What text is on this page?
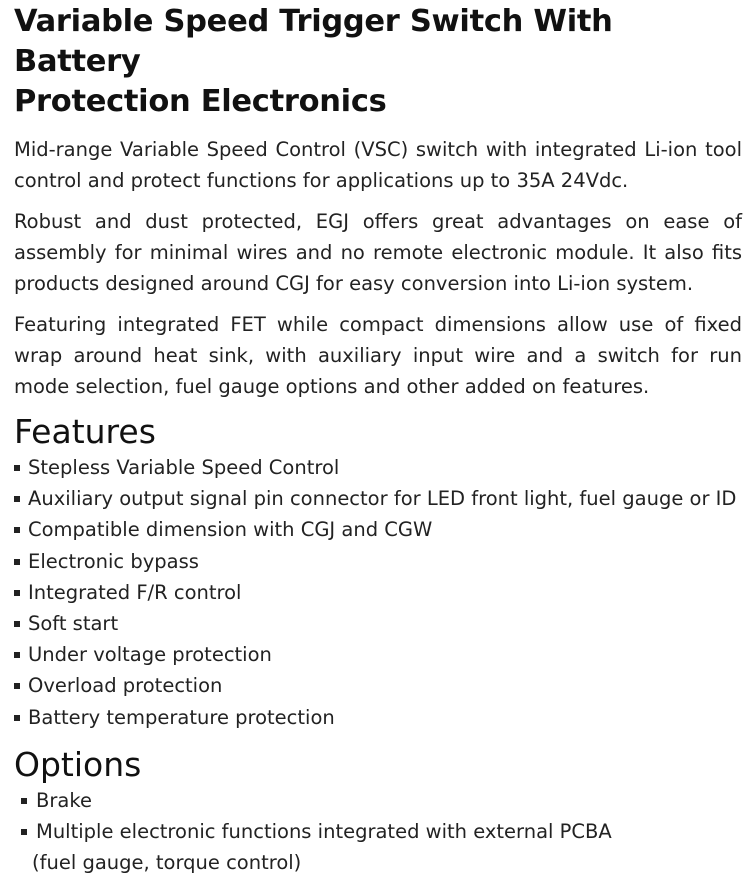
Variable Speed Trigger Switch With Battery
Protection Electronics

Mid-range Variable Speed Control (VSC) switch with integrated Li-ion tool control and protect functions for applications up to 35A 24Vdc.

Robust and dust protected, EGJ offers great advantages on ease of assembly for minimal wires and no remote electronic module. It also fits products designed around CGJ for easy conversion into Li-ion system.

Featuring integrated FET while compact dimensions allow use of fixed wrap around heat sink, with auxiliary input wire and a switch for run mode selection, fuel gauge options and other added on features.

Features
Stepless Variable Speed Control
Auxiliary output signal pin connector for LED front light, fuel gauge or ID
Compatible dimension with CGJ and CGW
Electronic bypass
Integrated F/R control
Soft start
Under voltage protection
Overload protection
Battery temperature protection
Options
Brake
Multiple electronic functions integrated with external PCBA
(fuel gauge, torque control)
